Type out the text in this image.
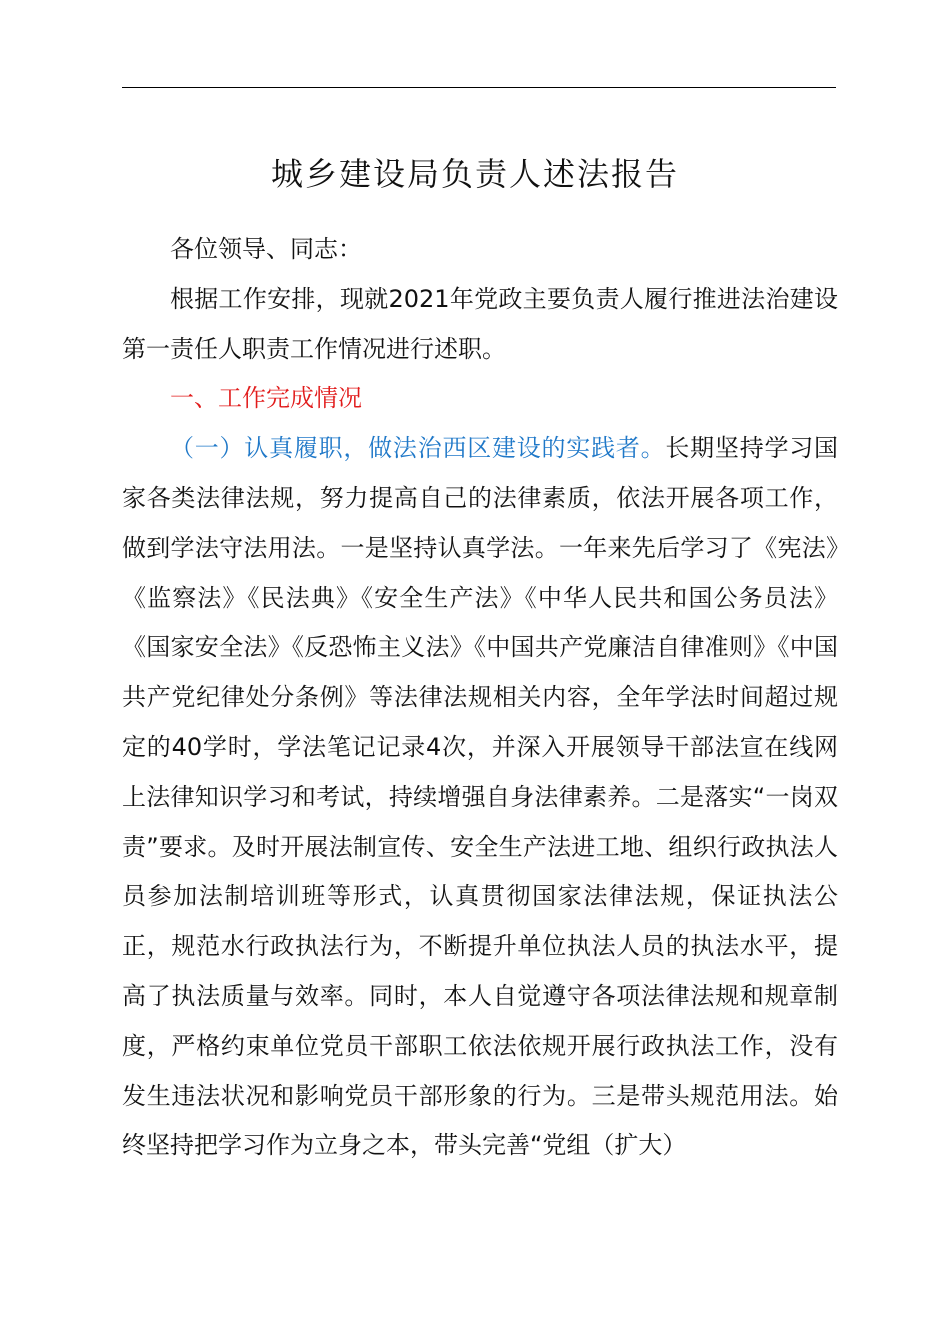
城乡建设局负责人述法报告

各位领导、同志：

根据工作安排，现就2021年党政主要负责人履行推进法治建设第一责任人职责工作情况进行述职。

一、工作完成情况

（一）认真履职，做法治西区建设的实践者。长期坚持学习国家各类法律法规，努力提高自己的法律素质，依法开展各项工作，做到学法守法用法。一是坚持认真学法。一年来先后学习了《宪法》《监察法》《民法典》《安全生产法》《中华人民共和国公务员法》《国家安全法》《反恐怖主义法》《中国共产党廉洁自律准则》《中国共产党纪律处分条例》等法律法规相关内容，全年学法时间超过规定的40学时，学法笔记记录4次，并深入开展领导干部法宣在线网上法律知识学习和考试，持续增强自身法律素养。二是落实“一岗双责”要求。及时开展法制宣传、安全生产法进工地、组织行政执法人员参加法制培训班等形式，认真贯彻国家法律法规，保证执法公正，规范水行政执法行为，不断提升单位执法人员的执法水平，提高了执法质量与效率。同时，本人自觉遵守各项法律法规和规章制度，严格约束单位党员干部职工依法依规开展行政执法工作，没有发生违法状况和影响党员干部形象的行为。三是带头规范用法。始终坚持把学习作为立身之本，带头完善“党组（扩大）
